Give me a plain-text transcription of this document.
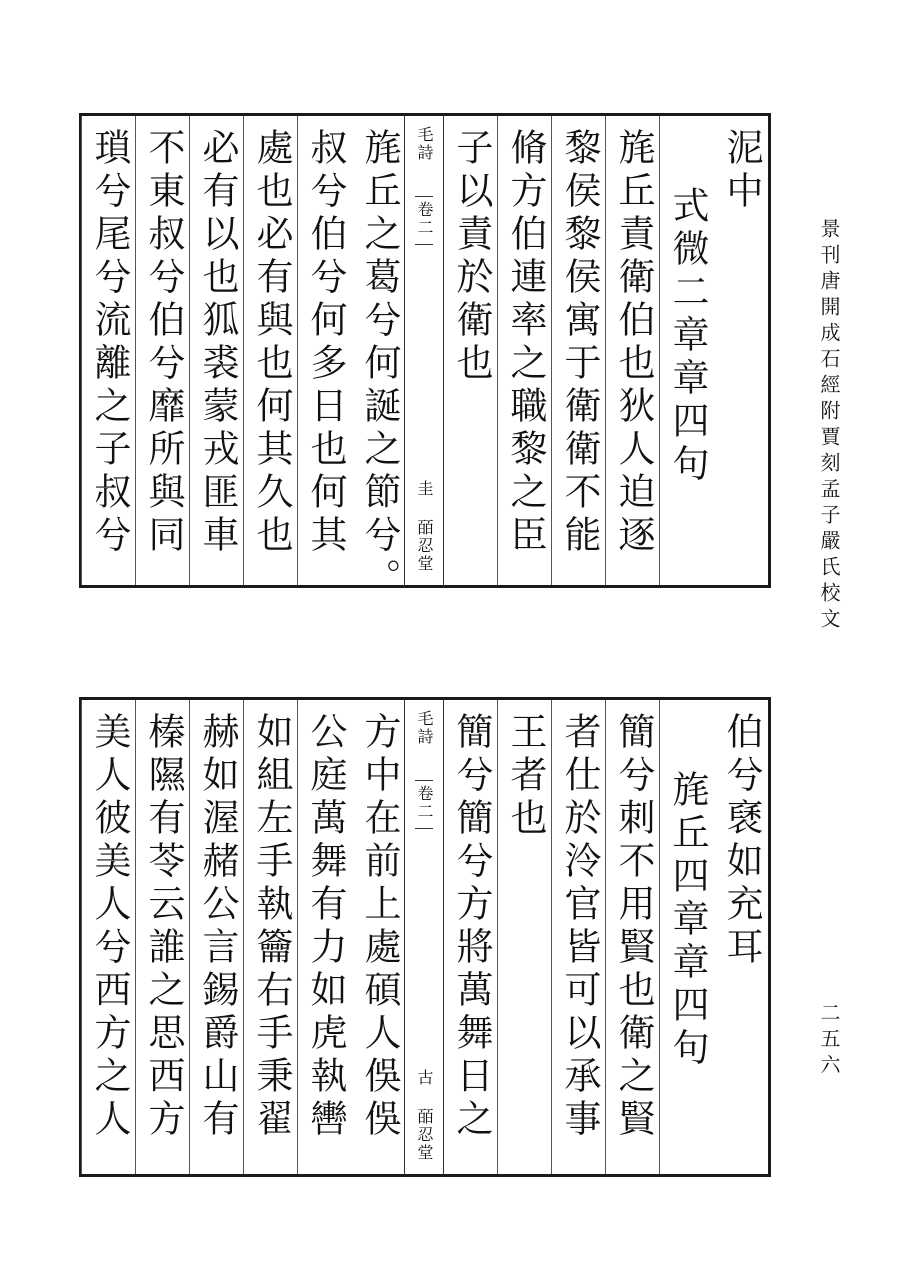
景刊唐開成石經附賈刻孟子嚴氏校文
二五六
泥中
式微二章章四句
旄丘責衛伯也狄人迫逐
黎侯黎侯寓于衛衛不能
脩方伯連率之職黎之臣
子以責於衛也
毛詩
卷二
圭 皕忍堂
旄丘之葛兮何誕之節兮。
叔兮伯兮何多日也何其
處也必有與也何其久也
必有以也狐裘蒙戎匪車
不東叔兮伯兮靡所與同
瑣兮尾兮流離之子叔兮
伯兮褎如充耳
旄丘四章章四句
簡兮刺不用賢也衛之賢
者仕於泠官皆可以承事
王者也
簡兮簡兮方將萬舞日之
毛詩
卷二
古 皕忍堂
方中在前上處碩人俁俁
公庭萬舞有力如虎執轡
如組左手執籥右手秉翟
赫如渥赭公言錫爵山有
榛隰有苓云誰之思西方
美人彼美人兮西方之人
